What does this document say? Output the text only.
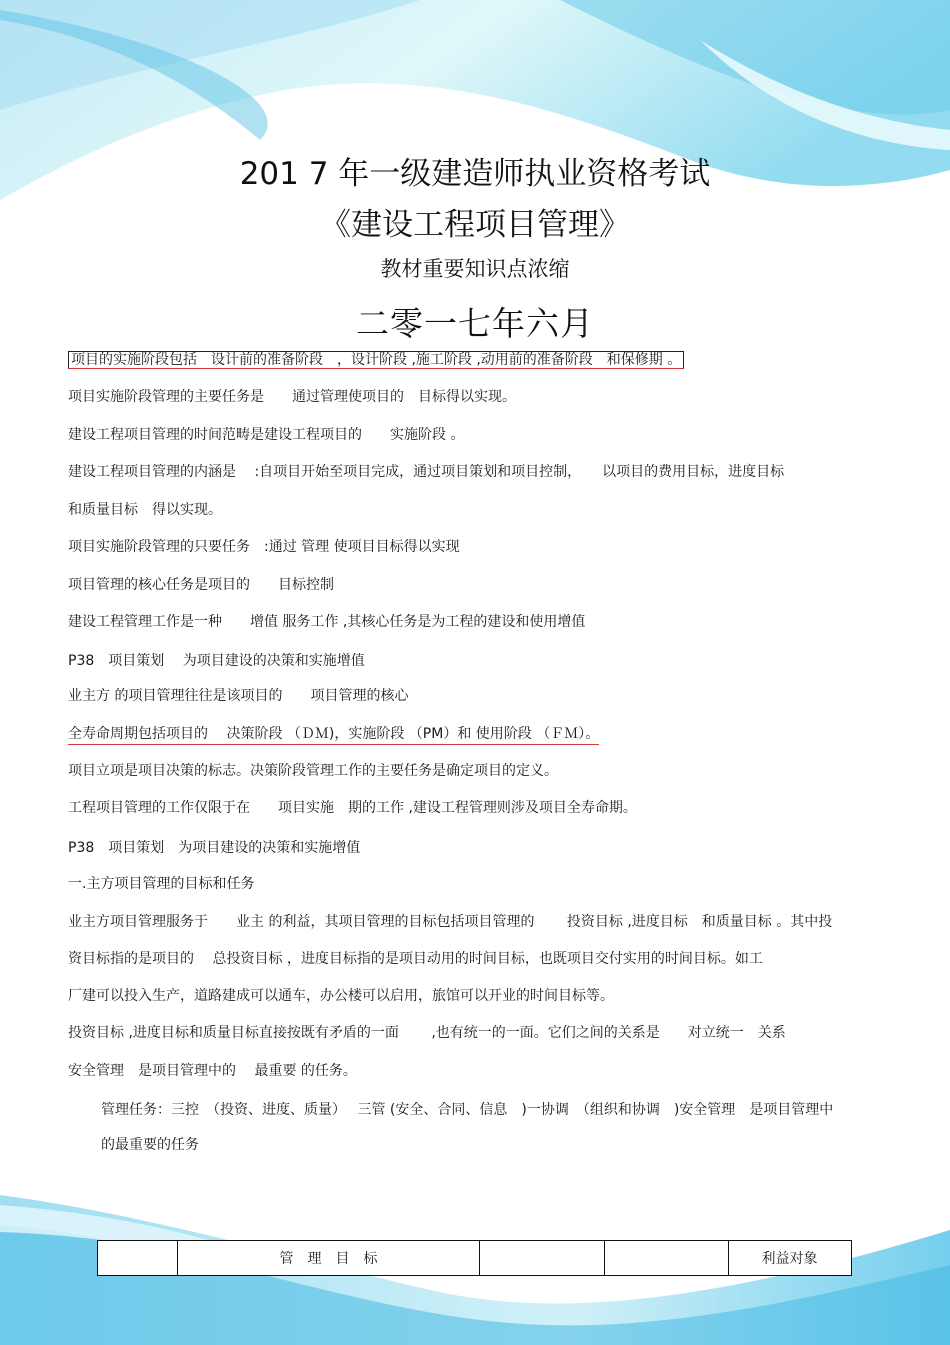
201 7 年一级建造师执业资格考试
《建设工程项目管理》
教材重要知识点浓缩
二零一七年六月
项目的实施阶段包括　设计前的准备阶段　，设计阶段 ,施工阶段 ,动用前的准备阶段　和保修期 。
项目实施阶段管理的主要任务是　　通过管理使项目的　目标得以实现。
建设工程项目管理的时间范畴是建设工程项目的　　实施阶段 。
建设工程项目管理的内涵是　 :自项目开始至项目完成，通过项目策划和项目控制，　　以项目的费用目标，进度目标
和质量目标　得以实现。
项目实施阶段管理的只要任务　:通过 管理 使项目目标得以实现
项目管理的核心任务是项目的　　目标控制
建设工程管理工作是一种　　增值 服务工作 ,其核心任务是为工程的建设和使用增值
P38　项目策划　 为项目建设的决策和实施增值
业主方 的项目管理往往是该项目的　　项目管理的核心
全寿命周期包括项目的　 决策阶段 （ＤＭ)，实施阶段 （PM）和 使用阶段 （ＦＭ）。
项目立项是项目决策的标志。决策阶段管理工作的主要任务是确定项目的定义。
工程项目管理的工作仅限于在　　项目实施　期的工作 ,建设工程管理则涉及项目全寿命期。
P38　项目策划　为项目建设的决策和实施增值
一.主方项目管理的目标和任务
业主方项目管理服务于　　业主 的利益，其项目管理的目标包括项目管理的　　 投资目标 ,进度目标　和质量目标 。其中投
资目标指的是项目的　 总投资目标 ，进度目标指的是项目动用的时间目标，也既项目交付实用的时间目标。如工
厂建可以投入生产，道路建成可以通车，办公楼可以启用，旅馆可以开业的时间目标等。
投资目标 ,进度目标和质量目标直接按既有矛盾的一面　　 ,也有统一的一面。它们之间的关系是　　对立统一　关系
安全管理　是项目管理中的　 最重要 的任务。
管理任务：三控　（投资、进度、质量）　 三管 (安全、合同、信息　)一协调　（组织和协调　)安全管理　是项目管理中
的最重要的任务
管　理　目　标	利益对象
